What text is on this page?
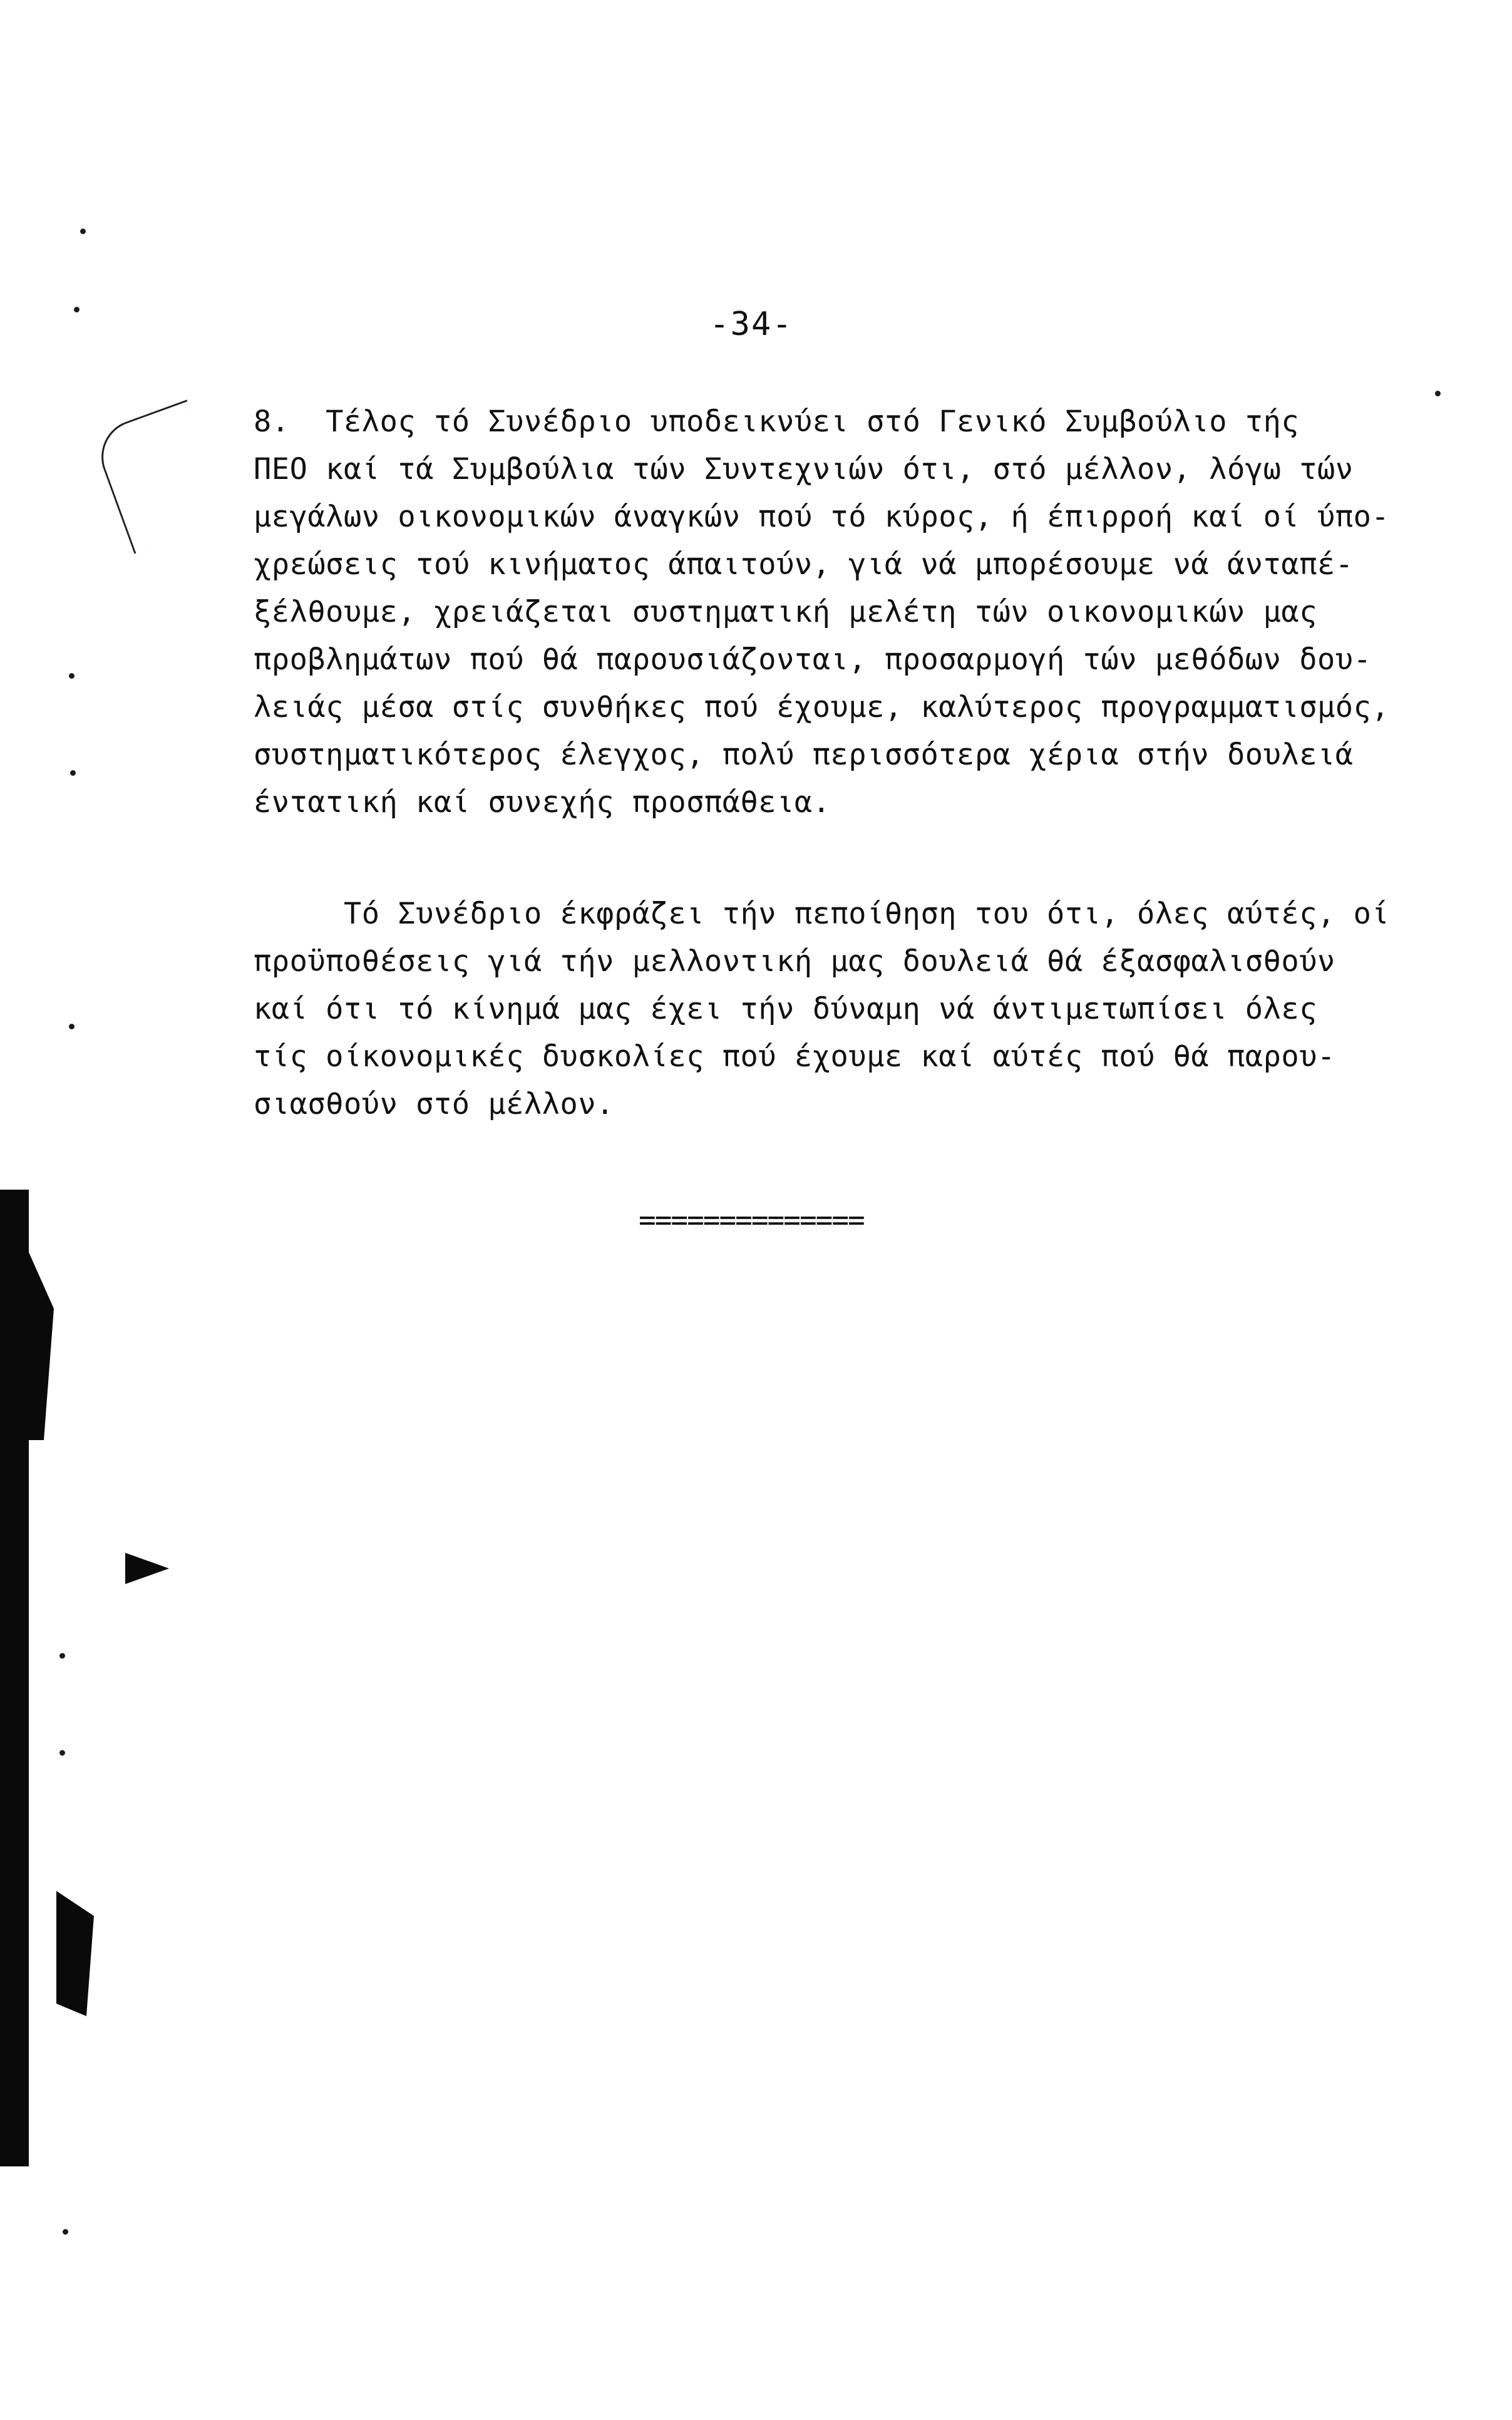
-34-
8.  Τέλος τό Συνέδριο υποδεικνύει στό Γενικό Συμβούλιο τής
ΠΕΟ καί τά Συμβούλια τών Συντεχνιών ότι, στό μέλλον, λόγω τών
μεγάλων οικονομικών άναγκών πού τό κύρος, ή έπιρροή καί οί ύπο-
χρεώσεις τού κινήματος άπαιτούν, γιά νά μπορέσουμε νά άνταπέ-
ξέλθουμε, χρειάζεται συστηματική μελέτη τών οικονομικών μας
προβλημάτων πού θά παρουσιάζονται, προσαρμογή τών μεθόδων δου-
λειάς μέσα στίς συνθήκες πού έχουμε, καλύτερος προγραμματισμός,
συστηματικότερος έλεγχος, πολύ περισσότερα χέρια στήν δουλειά
έντατική καί συνεχής προσπάθεια.
Τό Συνέδριο έκφράζει τήν πεποίθηση του ότι, όλες αύτές, οί
προϋποθέσεις γιά τήν μελλοντική μας δουλειά θά έξασφαλισθούν
καί ότι τό κίνημά μας έχει τήν δύναμη νά άντιμετωπίσει όλες
τίς οίκονομικές δυσκολίες πού έχουμε καί αύτές πού θά παρου-
σιασθούν στό μέλλον.
==============
